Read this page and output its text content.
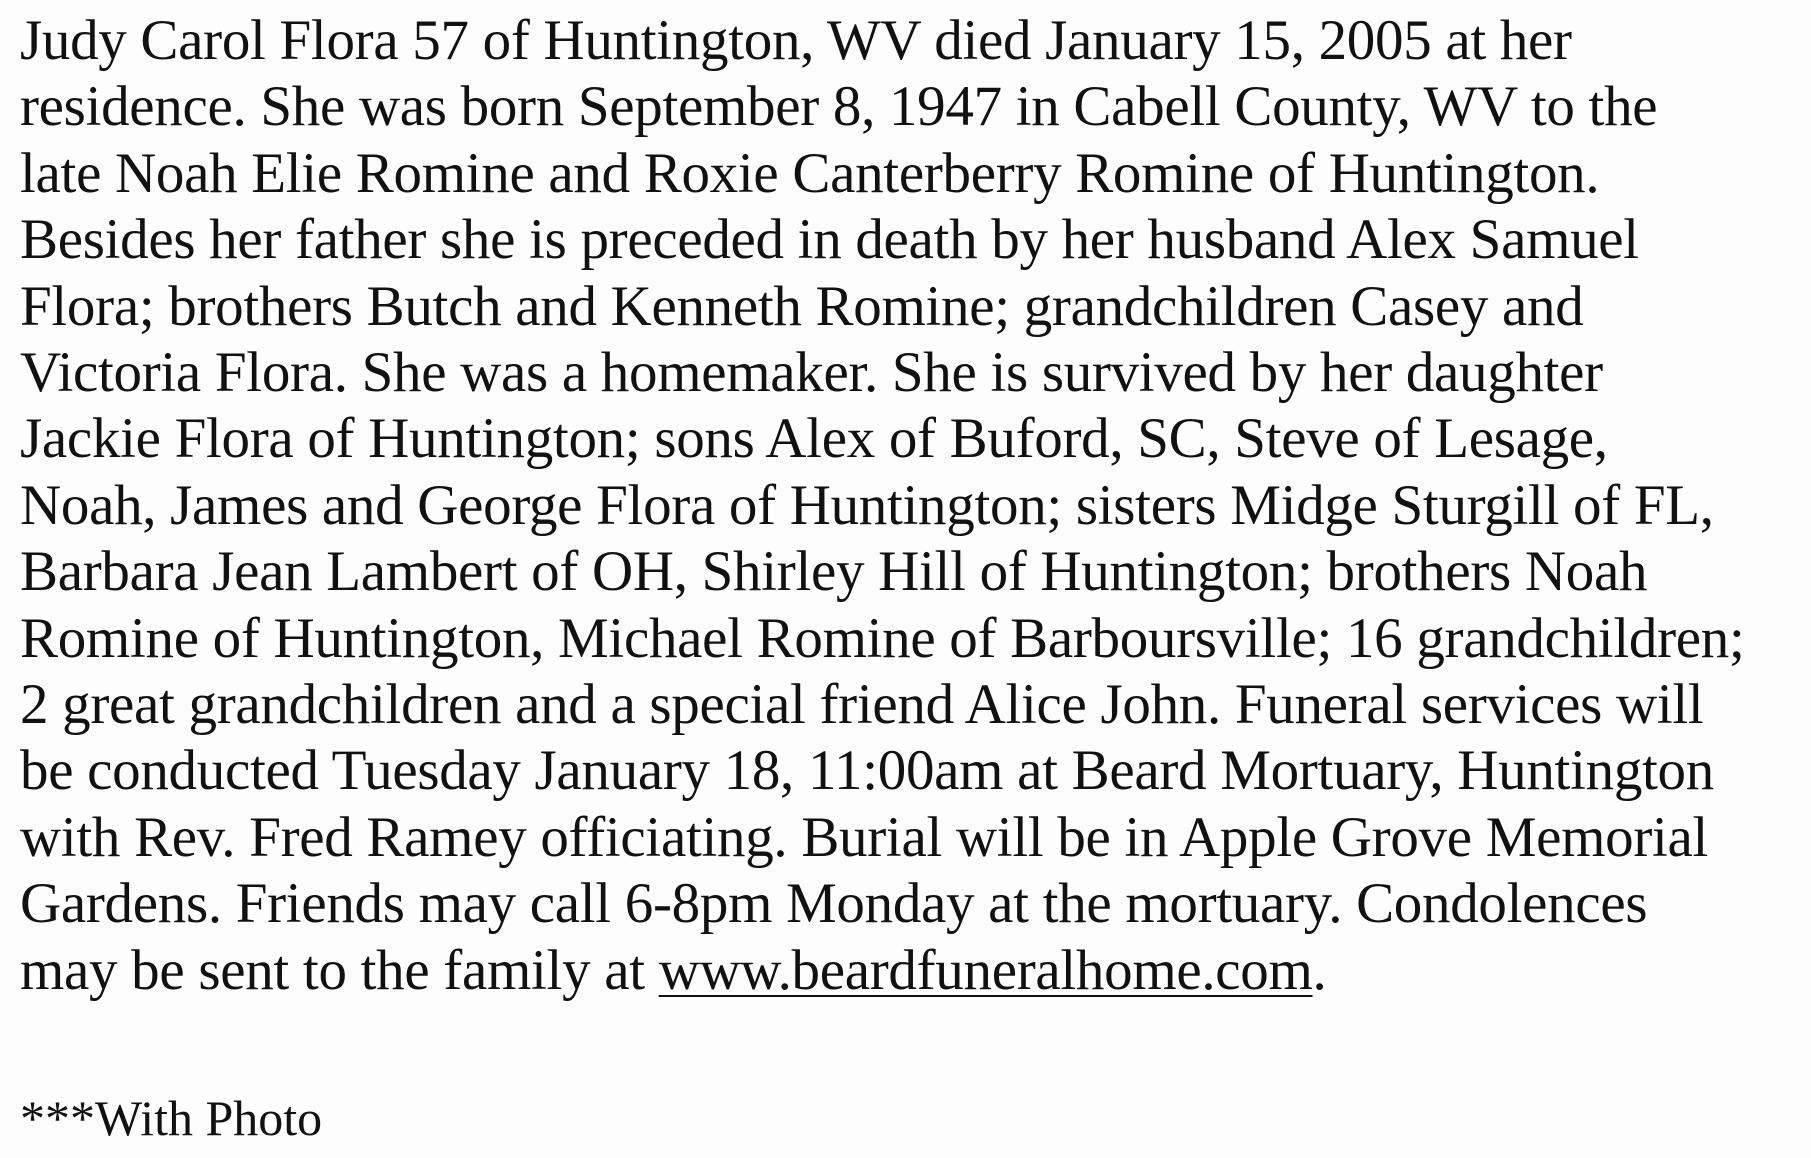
Judy Carol Flora 57 of Huntington, WV died January 15, 2005 at her
residence. She was born September 8, 1947 in Cabell County, WV to the
late Noah Elie Romine and Roxie Canterberry Romine of Huntington.
Besides her father she is preceded in death by her husband Alex Samuel
Flora; brothers Butch and Kenneth Romine; grandchildren Casey and
Victoria Flora. She was a homemaker. She is survived by her daughter
Jackie Flora of Huntington; sons Alex of Buford, SC, Steve of Lesage,
Noah, James and George Flora of Huntington; sisters Midge Sturgill of FL,
Barbara Jean Lambert of OH, Shirley Hill of Huntington; brothers Noah
Romine of Huntington, Michael Romine of Barboursville; 16 grandchildren;
2 great grandchildren and a special friend Alice John. Funeral services will
be conducted Tuesday January 18, 11:00am at Beard Mortuary, Huntington
with Rev. Fred Ramey officiating. Burial will be in Apple Grove Memorial
Gardens. Friends may call 6-8pm Monday at the mortuary. Condolences
may be sent to the family at www.beardfuneralhome.com.
***With Photo
